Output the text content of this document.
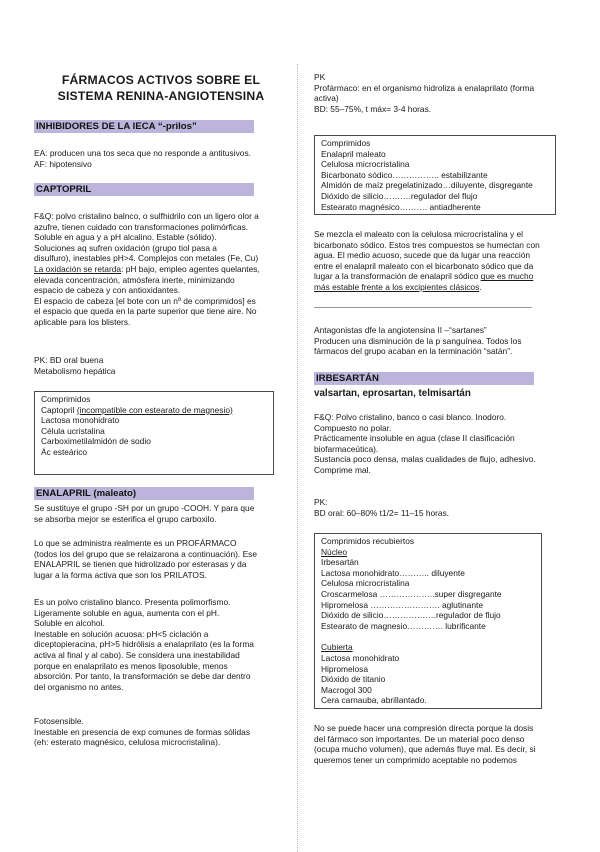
FÁRMACOS ACTIVOS SOBRE EL
SISTEMA RENINA-ANGIOTENSINA
INHIBIDORES DE LA IECA “-prilos”

EA: producen una tos seca que no responde a antitusivos.

AF: hipotensivo

CAPTOPRIL

F&Q: polvo cristalino balnco, o sulfhidrilo con un ligero olor a

azufre, tienen cuidado con transformaciones polimórficas.

Soluble en agua y a pH alcalino. Estable (sólido).

Soluciones aq sufren oxidación (grupo tiol pasa a

disulfuro), inestables pH>4. Complejos con metales (Fe, Cu)

La oxidación se retarda: pH bajo, empleo agentes quelantes,

elevada concentración, atmósfera inerte, minimizando

espacio de cabeza y con antioxidantes.

El espacio de cabeza [el bote con un nº de comprimidos] es

el espacio que queda en la parte superior que tiene aire. No

aplicable para los blisters.

PK: BD oral buena

Metabolismo hepática

Comprimidos

Captopril (incompatible con estearato de magnesio)

Lactosa monohidrato

Célula ucristalina

Carboximetilalmidón de sodio

Ác esteárico

ENALAPRIL (maleato)

Se sustituye el grupo -SH por un grupo -COOH. Y para que

se absorba mejor se esterifica el grupo carboxilo.

Lo que se administra realmente es un PROFÁRMACO

(todos los del grupo que se relaizarona a continuación). Ese

ENALAPRIL se tienen que hidrolizado por esterasas y da

lugar a la forma activa que son los PRILATOS.

Es un polvo cristalino blanco. Presenta polimorfismo.

Ligeramente soluble en agua, aumenta con el pH.

Soluble en alcohol.

Inestable en solución acuosa: pH<5 ciclación a

diceptopieracina, pH>5 hidrólisis a enalaprilato (es la forma

activa al final y al cabo). Se considera una inestabilidad

porque en enalaprilato es menos liposoluble, menos

absorción. Por tanto, la transformación se debe dar dentro

del organismo no antes.

Fotosensible.

Inestable en presencia de exp comunes de formas sólidas

(eh: esterato magnésico, celulosa microcristalina).

PK

Profármaco: en el organismo hidroliza a enalaprilato (forma

activa)

BD: 55–75%, t máx= 3-4 horas.

Comprimidos

Enalapril maleato

Celulosa microcristalina

Bicarbonato sódico…………….. estabilizante

Almidón de maíz pregelatinizado…diluyente, disgregante

Dióxido de silicio……….regulador del flujo

Estearato magnésico………. antiadherente

Se mezcla el maleato con la celulosa microcristalina y el

bicarbonato sódico. Estos tres compuestos se humectan con

agua. El medio acuoso, sucede que da lugar una reacción

entre el enalapril maleato con el bicarbonato sódico que da

lugar a la transformación de enalapril sódico que es mucho

más estable frente a los excipientes clásicos.

Antagonistas dfe la angiotensina II –“sartanes”

Producen una disminución de la p sanguínea. Todos los

fármacos del grupo acaban en la terminación “satán”.

IRBESARTÁN
valsartan, eprosartan, telmisartán

F&Q: Polvo cristalino, banco o casi blanco. Inodoro.

Compuesto no polar.

Prácticamente insoluble en agua (clase II clasificación

biofarmaceútica).

Sustancia poco densa, malas cualidades de flujo, adhesivo.

Comprime mal.

PK:

BD oral: 60–80% t1/2= 11–15 horas.

Comprimidos recubiertos

Núcleo

Irbesartán

Lactosa monohidrato……….. diluyente

Celulosa microcristalina

Croscarmelosa ………………..super disgregante

Hipromelosa ……………………. aglutinante

Dióxido de silicio……………….regulador de flujo

Estearato de magnesio…………. lubrificante

Cubierta

Lactosa monohidrato

Hipromelosa

Dióxido de titanio

Macrogol 300

Cera carnauba, abrillantado.

No se puede hacer una compresión directa porque la dosis

del fármaco son importantes. De un material poco denso

(ocupa mucho volumen), que además fluye mal. Es decir, si

queremos tener un comprimido aceptable no podemos
